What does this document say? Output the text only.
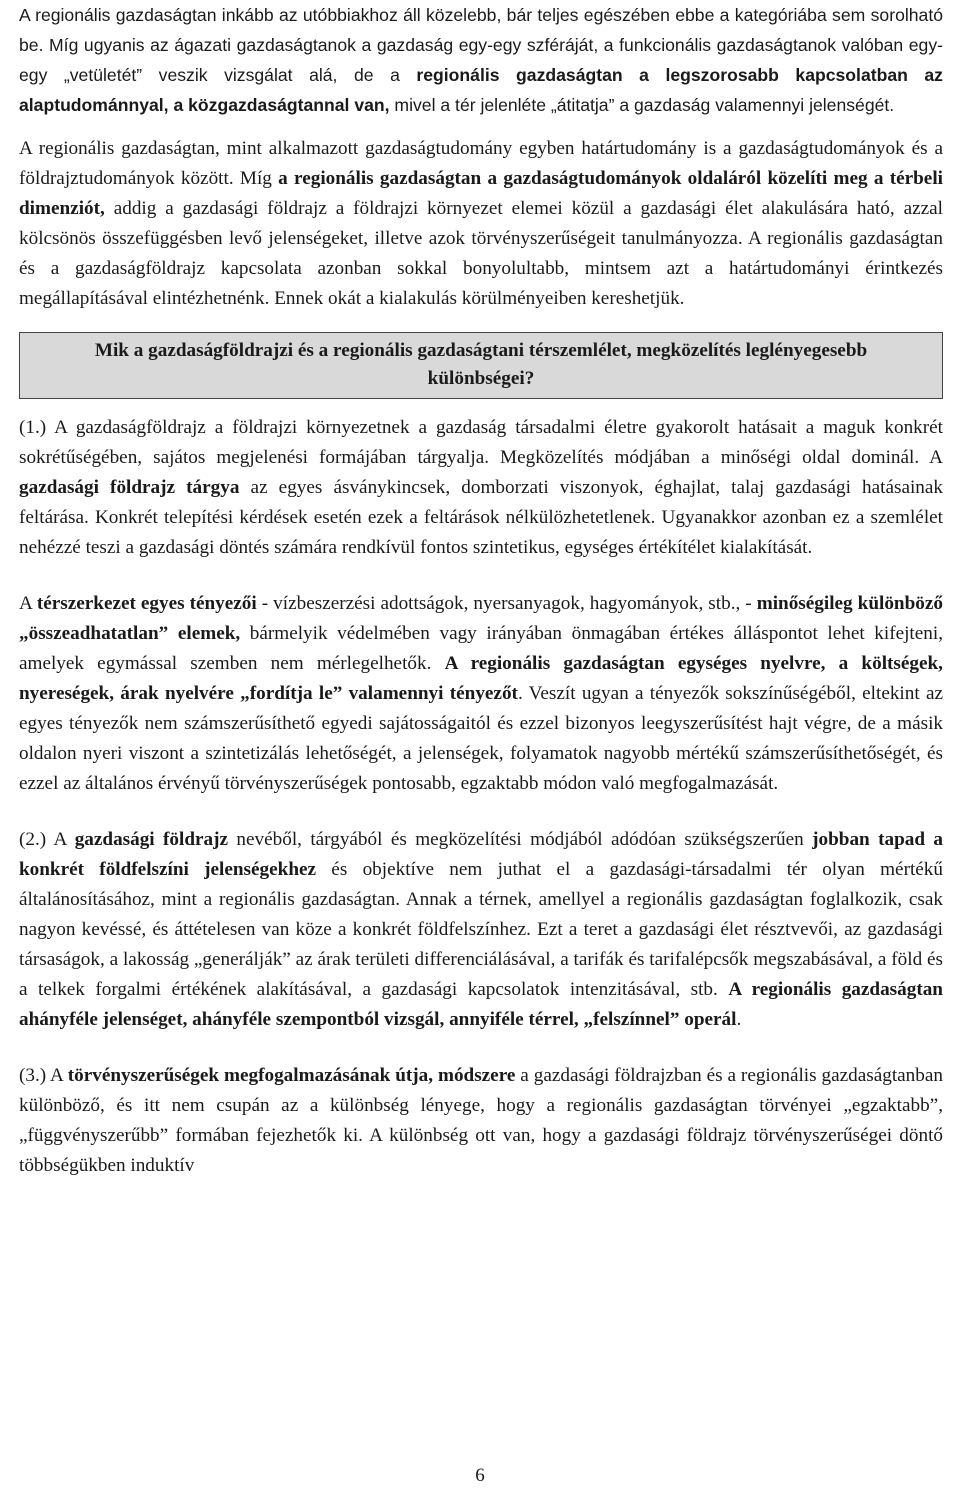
A regionális gazdaságtan inkább az utóbbiakhoz áll közelebb, bár teljes egészében ebbe a kategóriába sem sorolható be. Míg ugyanis az ágazati gazdaságtanok a gazdaság egy-egy szféráját, a funkcionális gazdaságtanok valóban egy-egy „vetületét” veszik vizsgálat alá, de a regionális gazdaságtan a legszorosabb kapcsolatban az alaptudománnyal, a közgazdaságtannal van, mivel a tér jelenléte „átitatja” a gazdaság valamennyi jelenségét.

A regionális gazdaságtan, mint alkalmazott gazdaságtudomány egyben határtudomány is a gazdaságtudományok és a földrajztudományok között. Míg a regionális gazdaságtan a gazdaságtudományok oldaláról közelíti meg a térbeli dimenziót, addig a gazdasági földrajz a földrajzi környezet elemei közül a gazdasági élet alakulására ható, azzal kölcsönös összefüggésben levő jelenségeket, illetve azok törvényszerűségeit tanulmányozza. A regionális gazdaságtan és a gazdaságföldrajz kapcsolata azonban sokkal bonyolultabb, mintsem azt a határtudományi érintkezés megállapításával elintézhetnénk. Ennek okát a kialakulás körülményeiben kereshetjük.

Mik a gazdaságföldrajzi és a regionális gazdaságtani térszemlélet, megközelítés leglényegesebb különbségei?

(1.) A gazdaságföldrajz a földrajzi környezetnek a gazdaság társadalmi életre gyakorolt hatásait a maguk konkrét sokrétűségében, sajátos megjelenési formájában tárgyalja. Megközelítés módjában a minőségi oldal dominál. A gazdasági földrajz tárgya az egyes ásványkincsek, domborzati viszonyok, éghajlat, talaj gazdasági hatásainak feltárása. Konkrét telepítési kérdések esetén ezek a feltárások nélkülözhetetlenek. Ugyanakkor azonban ez a szemlélet nehézzé teszi a gazdasági döntés számára rendkívül fontos szintetikus, egységes értékítélet kialakítását.

A térszerkezet egyes tényezői - vízbeszerzési adottságok, nyersanyagok, hagyományok, stb., - minőségileg különböző „összeadhatatlan” elemek, bármelyik védelmében vagy irányában önmagában értékes álláspontot lehet kifejteni, amelyek egymással szemben nem mérlegelhetők. A regionális gazdaságtan egységes nyelvre, a költségek, nyereségek, árak nyelvére „fordítja le” valamennyi tényezőt. Veszít ugyan a tényezők sokszínűségéből, eltekint az egyes tényezők nem számszerűsíthető egyedi sajátosságaitól és ezzel bizonyos leegyszerűsítést hajt végre, de a másik oldalon nyeri viszont a szintetizálás lehetőségét, a jelenségek, folyamatok nagyobb mértékű számszerűsíthetőségét, és ezzel az általános érvényű törvényszerűségek pontosabb, egzaktabb módon való megfogalmazását.

(2.) A gazdasági földrajz nevéből, tárgyából és megközelítési módjából adódóan szükségszerűen jobban tapad a konkrét földfelszíni jelenségekhez és objektíve nem juthat el a gazdasági-társadalmi tér olyan mértékű általánosításához, mint a regionális gazdaságtan. Annak a térnek, amellyel a regionális gazdaságtan foglalkozik, csak nagyon kevéssé, és áttételesen van köze a konkrét földfelszínhez. Ezt a teret a gazdasági élet résztvevői, az gazdasági társaságok, a lakosság „generálják” az árak területi differenciálásával, a tarifák és tarifalépcsők megszabásával, a föld és a telkek forgalmi értékének alakításával, a gazdasági kapcsolatok intenzitásával, stb. A regionális gazdaságtan ahányféle jelenséget, ahányféle szempontból vizsgál, annyiféle térrel, „felszínnel” operál.

(3.) A törvényszerűségek megfogalmazásának útja, módszere a gazdasági földrajzban és a regionális gazdaságtanban különböző, és itt nem csupán az a különbség lényege, hogy a regionális gazdaságtan törvényei „egzaktabb”, „függvényszerűbb” formában fejezhetők ki. A különbség ott van, hogy a gazdasági földrajz törvényszerűségei döntő többségükben induktív

6
